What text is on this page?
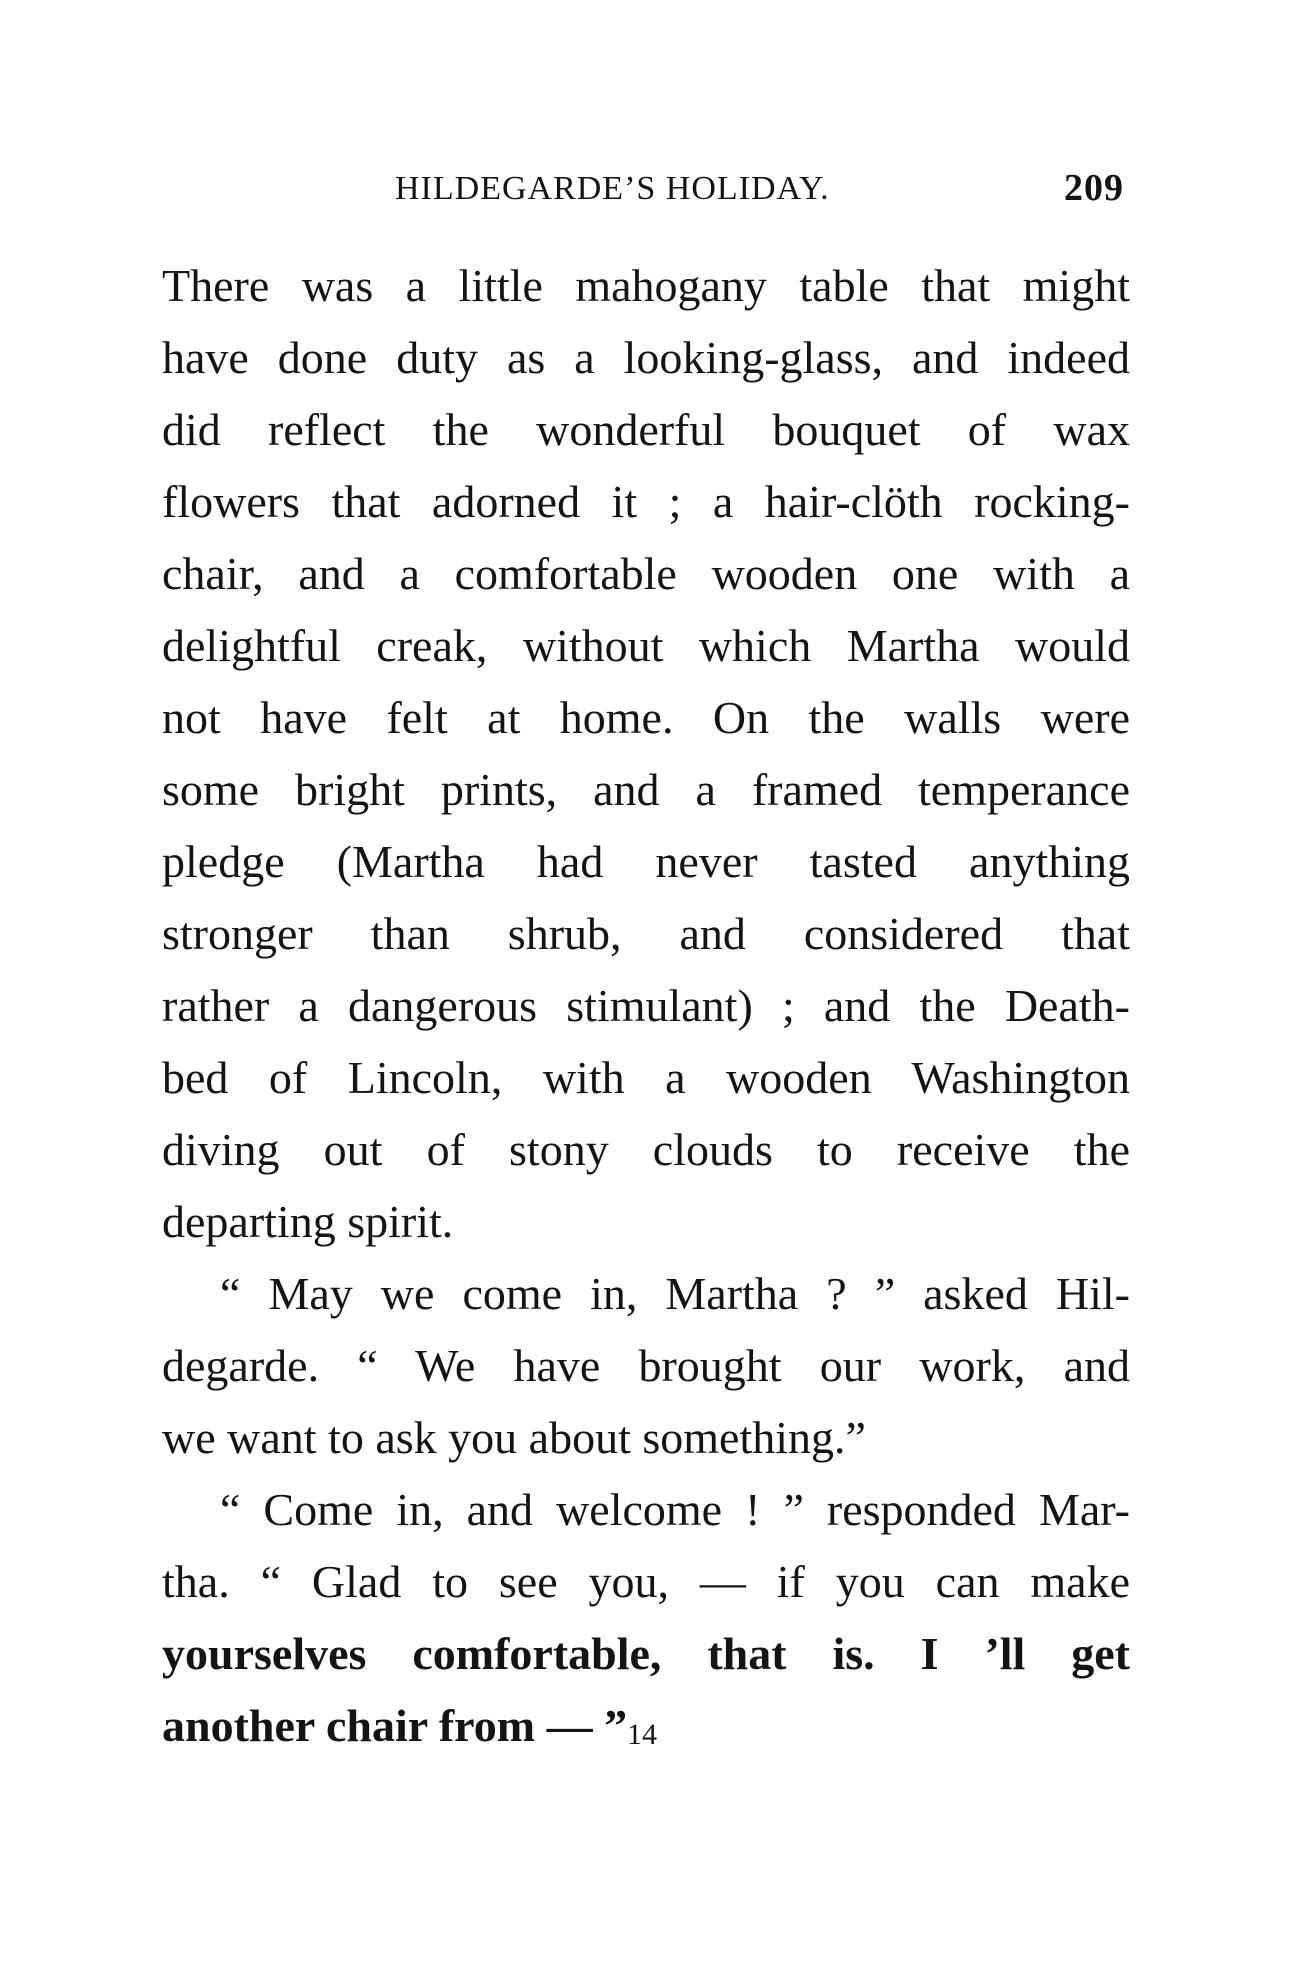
HILDEGARDE’S HOLIDAY.	209
There was a little mahogany table that might
have done duty as a looking-glass, and indeed
did reflect the wonderful bouquet of wax
flowers that adorned it ; a hair-clöth rocking-
chair, and a comfortable wooden one with a
delightful creak, without which Martha would
not have felt at home. On the walls were
some bright prints, and a framed temperance
pledge (Martha had never tasted anything
stronger than shrub, and considered that
rather a dangerous stimulant) ; and the Death-
bed of Lincoln, with a wooden Washington
diving out of stony clouds to receive the
departing spirit.
“ May we come in, Martha ? ” asked Hil-
degarde. “ We have brought our work, and
we want to ask you about something.”
“ Come in, and welcome ! ” responded Mar-
tha. “ Glad to see you, — if you can make
yourselves comfortable, that is. I ’ll get
another chair from — ” 14
